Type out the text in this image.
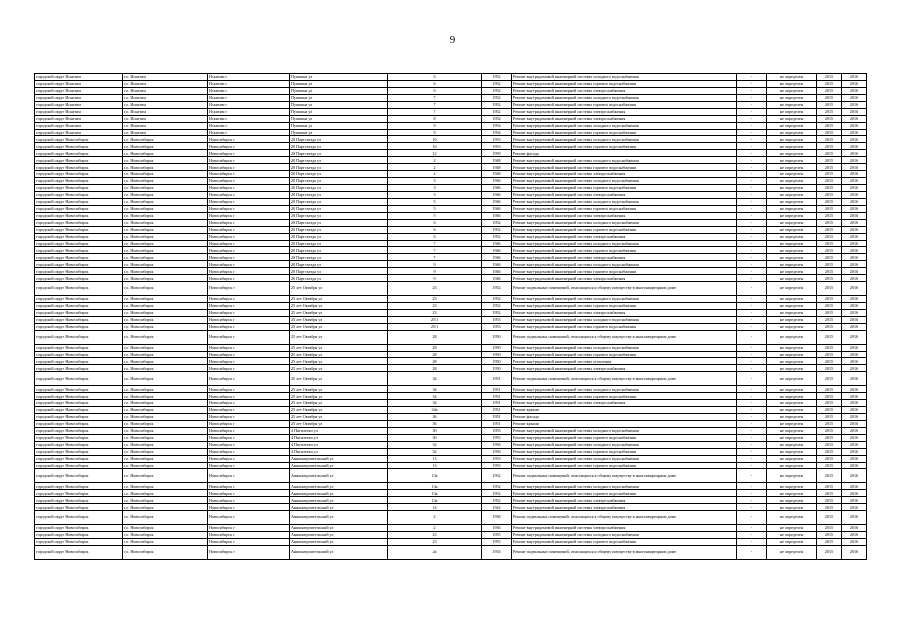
9
городской округ Искитим	г.о. Искитим	Искитим г	Пушкина ул	6	1952	Ремонт внутридомовой инженерной системы холодного водоснабжения	-	не определен	2015	2016
городской округ Искитим	г.о. Искитим	Искитим г	Пушкина ул	6	1952	Ремонт внутридомовой инженерной системы горячего водоснабжения	-	не определен	2015	2016
городской округ Искитим	г.о. Искитим	Искитим г	Пушкина ул	6	1952	Ремонт внутридомовой инженерной системы электроснабжения	-	не определен	2015	2016
городской округ Искитим	г.о. Искитим	Искитим г	Пушкина ул	7	1952	Ремонт внутридомовой инженерной системы холодного водоснабжения	-	не определен	2015	2016
городской округ Искитим	г.о. Искитим	Искитим г	Пушкина ул	7	1952	Ремонт внутридомовой инженерной системы горячего водоснабжения	-	не определен	2015	2016
городской округ Искитим	г.о. Искитим	Искитим г	Пушкина ул	7	1952	Ремонт внутридомовой инженерной системы электроснабжения	-	не определен	2015	2016
городской округ Искитим	г.о. Искитим	Искитим г	Пушкина ул	8	1952	Ремонт внутридомовой инженерной системы электроснабжения	-	не определен	2015	2016
городской округ Искитим	г.о. Искитим	Искитим г	Пушкина ул	9	1954	Ремонт внутридомовой инженерной системы холодного водоснабжения	-	не определен	2015	2016
городской округ Искитим	г.о. Искитим	Искитим г	Пушкина ул	9	1954	Ремонт внутридомовой инженерной системы горячего водоснабжения	-	не определен	2015	2016
городской округ Новосибирск	г.о. Новосибирск	Новосибирск г	20 Партсъезда ул	10	1953	Ремонт внутридомовой инженерной системы холодного водоснабжения	-	не определен	2015	2016
городской округ Новосибирск	г.о. Новосибирск	Новосибирск г	20 Партсъезда ул	10	1953	Ремонт внутридомовой инженерной системы горячего водоснабжения	-	не определен	2015	2016
городской округ Новосибирск	г.о. Новосибирск	Новосибирск г	20 Партсъезда ул	12	1959	Ремонт фасада	-	не определен	2015	2016
городской округ Новосибирск	г.о. Новосибирск	Новосибирск г	20 Партсъезда ул	2	1948	Ремонт внутридомовой инженерной системы холодного водоснабжения	-	не определен	2015	2016
городской округ Новосибирск	г.о. Новосибирск	Новосибирск г	20 Партсъезда ул	2	1948	Ремонт внутридомовой инженерной системы горячего водоснабжения	-	не определен	2015	2016
городской округ Новосибирск	г.о. Новосибирск	Новосибирск г	20 Партсъезда ул	2	1948	Ремонт внутридомовой инженерной системы электроснабжения	-	не определен	2015	2016
городской округ Новосибирск	г.о. Новосибирск	Новосибирск г	20 Партсъезда ул	3	1946	Ремонт внутридомовой инженерной системы холодного водоснабжения	-	не определен	2015	2016
городской округ Новосибирск	г.о. Новосибирск	Новосибирск г	20 Партсъезда ул	3	1946	Ремонт внутридомовой инженерной системы горячего водоснабжения	-	не определен	2015	2016
городской округ Новосибирск	г.о. Новосибирск	Новосибирск г	20 Партсъезда ул	3	1946	Ремонт внутридомовой инженерной системы электроснабжения	-	не определен	2015	2016
городской округ Новосибирск	г.о. Новосибирск	Новосибирск г	20 Партсъезда ул	5	1946	Ремонт внутридомовой инженерной системы холодного водоснабжения	-	не определен	2015	2016
городской округ Новосибирск	г.о. Новосибирск	Новосибирск г	20 Партсъезда ул	5	1946	Ремонт внутридомовой инженерной системы горячего водоснабжения	-	не определен	2015	2016
городской округ Новосибирск	г.о. Новосибирск	Новосибирск г	20 Партсъезда ул	5	1946	Ремонт внутридомовой инженерной системы электроснабжения	-	не определен	2015	2016
городской округ Новосибирск	г.о. Новосибирск	Новосибирск г	20 Партсъезда ул	6	1952	Ремонт внутридомовой инженерной системы холодного водоснабжения	-	не определен	2015	2016
городской округ Новосибирск	г.о. Новосибирск	Новосибирск г	20 Партсъезда ул	6	1952	Ремонт внутридомовой инженерной системы горячего водоснабжения	-	не определен	2015	2016
городской округ Новосибирск	г.о. Новосибирск	Новосибирск г	20 Партсъезда ул	6	1952	Ремонт внутридомовой инженерной системы электроснабжения	-	не определен	2015	2016
городской округ Новосибирск	г.о. Новосибирск	Новосибирск г	20 Партсъезда ул	7	1946	Ремонт внутридомовой инженерной системы холодного водоснабжения	-	не определен	2015	2016
городской округ Новосибирск	г.о. Новосибирск	Новосибирск г	20 Партсъезда ул	7	1946	Ремонт внутридомовой инженерной системы горячего водоснабжения	-	не определен	2015	2016
городской округ Новосибирск	г.о. Новосибирск	Новосибирск г	20 Партсъезда ул	7	1946	Ремонт внутридомовой инженерной системы электроснабжения	-	не определен	2015	2016
городской округ Новосибирск	г.о. Новосибирск	Новосибирск г	20 Партсъезда ул	9	1946	Ремонт внутридомовой инженерной системы холодного водоснабжения	-	не определен	2015	2016
городской округ Новосибирск	г.о. Новосибирск	Новосибирск г	20 Партсъезда ул	9	1946	Ремонт внутридомовой инженерной системы горячего водоснабжения	-	не определен	2015	2016
городской округ Новосибирск	г.о. Новосибирск	Новосибирск г	20 Партсъезда ул	9	1946	Ремонт внутридомовой инженерной системы электроснабжения	-	не определен	2015	2016
городской округ Новосибирск	г.о. Новосибирск	Новосибирск г	25 лет Октября ул	23	1952	Ремонт подвальных помещений, относящихся к общему имуществу в многоквартирном доме	-	не определен	2015	2016
городской округ Новосибирск	г.о. Новосибирск	Новосибирск г	25 лет Октября ул	23	1952	Ремонт внутридомовой инженерной системы холодного водоснабжения	-	не определен	2015	2016
городской округ Новосибирск	г.о. Новосибирск	Новосибирск г	25 лет Октября ул	23	1952	Ремонт внутридомовой инженерной системы горячего водоснабжения	-	не определен	2015	2016
городской округ Новосибирск	г.о. Новосибирск	Новосибирск г	25 лет Октября ул	23	1952	Ремонт внутридомовой инженерной системы электроснабжения	-	не определен	2015	2016
городской округ Новосибирск	г.о. Новосибирск	Новосибирск г	25 лет Октября ул	25/1	1953	Ремонт внутридомовой инженерной системы холодного водоснабжения	-	не определен	2015	2016
городской округ Новосибирск	г.о. Новосибирск	Новосибирск г	25 лет Октября ул	25/1	1953	Ремонт внутридомовой инженерной системы горячего водоснабжения	-	не определен	2015	2016
городской округ Новосибирск	г.о. Новосибирск	Новосибирск г	25 лет Октября ул	28	1950	Ремонт подвальных помещений, относящихся к общему имуществу в многоквартирном доме	-	не определен	2015	2016
городской округ Новосибирск	г.о. Новосибирск	Новосибирск г	25 лет Октября ул	28	1950	Ремонт внутридомовой инженерной системы холодного водоснабжения	-	не определен	2015	2016
городской округ Новосибирск	г.о. Новосибирск	Новосибирск г	25 лет Октября ул	28	1950	Ремонт внутридомовой инженерной системы горячего водоснабжения	-	не определен	2015	2016
городской округ Новосибирск	г.о. Новосибирск	Новосибирск г	25 лет Октября ул	28	1950	Ремонт внутридомовой инженерной системы отопления	-	не определен	2015	2016
городской округ Новосибирск	г.о. Новосибирск	Новосибирск г	25 лет Октября ул	28	1950	Ремонт внутридомовой инженерной системы электроснабжения	-	не определен	2015	2016
городской округ Новосибирск	г.о. Новосибирск	Новосибирск г	25 лет Октября ул	34	1951	Ремонт подвальных помещений, относящихся к общему имуществу в многоквартирном доме	-	не определен	2015	2016
городской округ Новосибирск	г.о. Новосибирск	Новосибирск г	25 лет Октября ул	34	1951	Ремонт внутридомовой инженерной системы холодного водоснабжения	-	не определен	2015	2016
городской округ Новосибирск	г.о. Новосибирск	Новосибирск г	25 лет Октября ул	34	1951	Ремонт внутридомовой инженерной системы горячего водоснабжения	-	не определен	2015	2016
городской округ Новосибирск	г.о. Новосибирск	Новосибирск г	25 лет Октября ул	34	1951	Ремонт внутридомовой инженерной системы электроснабжения	-	не определен	2015	2016
городской округ Новосибирск	г.о. Новосибирск	Новосибирск г	25 лет Октября ул	34а	1951	Ремонт крыши	-	не определен	2015	2016
городской округ Новосибирск	г.о. Новосибирск	Новосибирск г	25 лет Октября ул	36	1951	Ремонт фасада	-	не определен	2015	2016
городской округ Новосибирск	г.о. Новосибирск	Новосибирск г	25 лет Октября ул	36	1951	Ремонт крыши	-	не определен	2015	2016
городской округ Новосибирск	г.о. Новосибирск	Новосибирск г	4 Пятилетки ул	30	1955	Ремонт внутридомовой инженерной системы холодного водоснабжения	-	не определен	2015	2016
городской округ Новосибирск	г.о. Новосибирск	Новосибирск г	4 Пятилетки ул	30	1955	Ремонт внутридомовой инженерной системы горячего водоснабжения	-	не определен	2015	2016
городской округ Новосибирск	г.о. Новосибирск	Новосибирск г	4 Пятилетки ул	32	1956	Ремонт внутридомовой инженерной системы холодного водоснабжения	-	не определен	2015	2016
городской округ Новосибирск	г.о. Новосибирск	Новосибирск г	4 Пятилетки ул	32	1956	Ремонт внутридомовой инженерной системы горячего водоснабжения	-	не определен	2015	2016
городской округ Новосибирск	г.о. Новосибирск	Новосибирск г	Аникинтроительский ул	13	1953	Ремонт внутридомовой инженерной системы холодного водоснабжения	-	не определен	2015	2016
городской округ Новосибирск	г.о. Новосибирск	Новосибирск г	Аникинтроительский ул	13	1953	Ремонт внутридомовой инженерной системы горячего водоснабжения	-	не определен	2015	2016
городской округ Новосибирск	г.о. Новосибирск	Новосибирск г	Аникинтроительский ул	13а	1952	Ремонт подвальных помещений, относящихся к общему имуществу в многоквартирном доме	-	не определен	2015	2016
городской округ Новосибирск	г.о. Новосибирск	Новосибирск г	Аникинтроительский ул	13а	1952	Ремонт внутридомовой инженерной системы холодного водоснабжения	-	не определен	2015	2016
городской округ Новосибирск	г.о. Новосибирск	Новосибирск г	Аникинтроительский ул	13а	1952	Ремонт внутридомовой инженерной системы горячего водоснабжения	-	не определен	2015	2016
городской округ Новосибирск	г.о. Новосибирск	Новосибирск г	Аникинтроительский ул	13а	1952	Ремонт внутридомовой инженерной системы электроснабжения	-	не определен	2015	2016
городской округ Новосибирск	г.о. Новосибирск	Новосибирск г	Аникинтроительский ул	14	1942	Ремонт внутридомовой инженерной системы электроснабжения	-	не определен	2015	2016
городской округ Новосибирск	г.о. Новосибирск	Новосибирск г	Аникинтроительский ул	2	1936	Ремонт подвальных помещений, относящихся к общему имуществу в многоквартирном доме	-	не определен	2015	2016
городской округ Новосибирск	г.о. Новосибирск	Новосибирск г	Аникинтроительский ул	2	1936	Ремонт внутридомовой инженерной системы электроснабжения	-	не определен	2015	2016
городской округ Новосибирск	г.о. Новосибирск	Новосибирск г	Аникинтроительский ул	23	1955	Ремонт внутридомовой инженерной системы холодного водоснабжения	-	не определен	2015	2016
городской округ Новосибирск	г.о. Новосибирск	Новосибирск г	Аникинтроительский ул	23	1955	Ремонт внутридомовой инженерной системы горячего водоснабжения	-	не определен	2015	2016
городской округ Новосибирск	г.о. Новосибирск	Новосибирск г	Аникинтроительский ул	2а	1933	Ремонт подвальных помещений, относящихся к общему имуществу в многоквартирном доме	-	не определен	2015	2016
